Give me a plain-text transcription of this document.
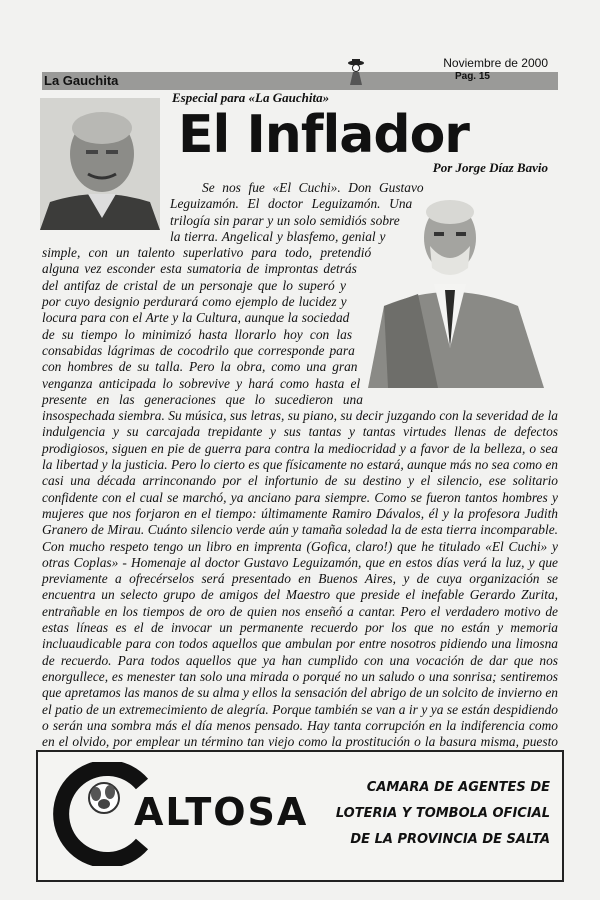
La Gauchita
Noviembre de 2000
Pag. 15
Especial para «La Gauchita»
El Inflador
Por Jorge Díaz Bavio

Se nos fue «El Cuchi». Don Gustavo Leguizamón. El doctor Leguizamón. Una trilogía sin parar y un solo semidiós sobre la tierra. Angelical y blasfemo, genial y simple, con un talento superlativo para todo, pretendió alguna vez esconder esta sumatoria de improntas detrás del antifaz de cristal de un personaje que lo superó y por cuyo designio perdurará como ejemplo de lucidez y locura para con el Arte y la Cultura, aunque la sociedad de su tiempo lo minimizó hasta llorarlo hoy con las consabidas lágrimas de cocodrilo que corresponde para con hombres de su talla. Pero la obra, como una gran venganza anticipada lo sobrevive y hará como hasta el presente en las generaciones que lo sucedieron una insospechada siembra. Su música, sus letras, su piano, su decir juzgando con la severidad de la indulgencia y su carcajada trepidante y sus tantas y tantas virtudes llenas de defectos prodigiosos, siguen en pie de guerra para contra la mediocridad y a favor de la belleza, o sea la libertad y la justicia. Pero lo cierto es que físicamente no estará, aunque más no sea como en casi una década arrinconando por el infortunio de su destino y el silencio, ese solitario confidente con el cual se marchó, ya anciano para siempre. Como se fueron tantos hombres y mujeres que nos forjaron en el tiempo: últimamente Ramiro Dávalos, él y la profesora Judith Granero de Mirau. Cuánto silencio verde aún y tamaña soledad la de esta tierra incomparable. Con mucho respeto tengo un libro en imprenta (Gofica, claro!) que he titulado «El Cuchi» y otras Coplas» - Homenaje al doctor Gustavo Leguizamón, que en estos días verá la luz, y que previamente a ofrecérselos será presentado en Buenos Aires, y de cuya organización se encuentra un selecto grupo de amigos del Maestro que preside el inefable Gerardo Zurita, entrañable en los tiempos de oro de quien nos enseñó a cantar. Pero el verdadero motivo de estas líneas es el de invocar un permanente recuerdo por los que no están y memoria incluaudicable para con todos aquellos que ambulan por entre nosotros pidiendo una limosna de recuerdo. Para todos aquellos que ya han cumplido con una vocación de dar que nos enorgullece, es menester tan solo una mirada o porqué no un saludo o una sonrisa; sentiremos que apretamos las manos de su alma y ellos la sensación del abrigo de un solcito de invierno en el patio de un extremecimiento de alegría. Porque también se van a ir y ya se están despidiendo o serán una sombra más el día menos pensado. Hay tanta corrupción en la indiferencia como en el olvido, por emplear un término tan viejo como la prostitución o la basura misma, puesto

ALTOSA
CAMARA DE AGENTES DE
LOTERIA Y TOMBOLA OFICIAL
DE LA PROVINCIA DE SALTA
